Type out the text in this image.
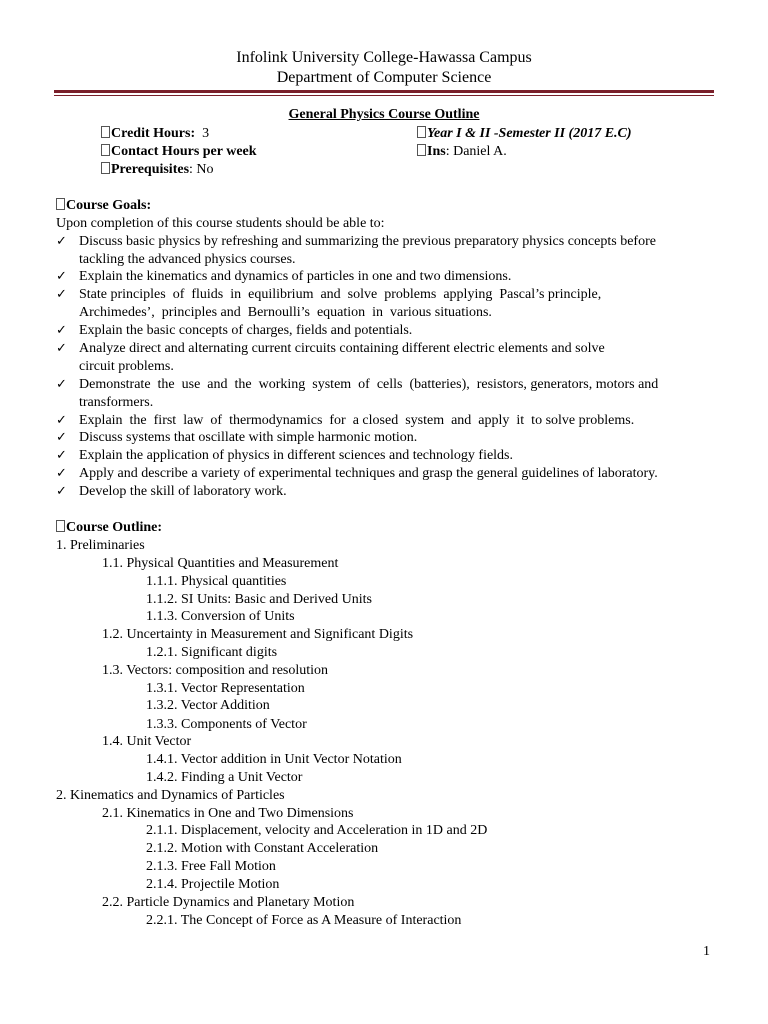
Infolink University College-Hawassa Campus
Department of Computer Science
General Physics Course Outline
Credit Hours: 3	Year I & II -Semester II (2017 E.C)
Contact Hours per week	Ins: Daniel A.
Prerequisites: No
Course Goals:
Upon completion of this course students should be able to:
✓ Discuss basic physics by refreshing and summarizing the previous preparatory physics concepts before
tackling the advanced physics courses.
✓ Explain the kinematics and dynamics of particles in one and two dimensions.
✓ State principles  of  fluids  in  equilibrium  and  solve  problems  applying  Pascal’s principle,
Archimedes’,  principles and  Bernoulli’s  equation  in  various situations.
✓ Explain the basic concepts of charges, fields and potentials.
✓ Analyze direct and alternating current circuits containing different electric elements and solve
circuit problems.
✓ Demonstrate  the  use  and  the  working  system  of  cells  (batteries),  resistors, generators, motors and
transformers.
✓ Explain  the  first  law  of  thermodynamics  for  a closed  system  and  apply  it  to solve problems.
✓ Discuss systems that oscillate with simple harmonic motion.
✓ Explain the application of physics in different sciences and technology fields.
✓ Apply and describe a variety of experimental techniques and grasp the general guidelines of laboratory.
✓ Develop the skill of laboratory work.
Course Outline:
1. Preliminaries
1.1. Physical Quantities and Measurement
1.1.1. Physical quantities
1.1.2. SI Units: Basic and Derived Units
1.1.3. Conversion of Units
1.2. Uncertainty in Measurement and Significant Digits
1.2.1. Significant digits
1.3. Vectors: composition and resolution
1.3.1. Vector Representation
1.3.2. Vector Addition
1.3.3. Components of Vector
1.4. Unit Vector
1.4.1. Vector addition in Unit Vector Notation
1.4.2. Finding a Unit Vector
2. Kinematics and Dynamics of Particles
2.1. Kinematics in One and Two Dimensions
2.1.1. Displacement, velocity and Acceleration in 1D and 2D
2.1.2. Motion with Constant Acceleration
2.1.3. Free Fall Motion
2.1.4. Projectile Motion
2.2. Particle Dynamics and Planetary Motion
2.2.1. The Concept of Force as A Measure of Interaction
1
